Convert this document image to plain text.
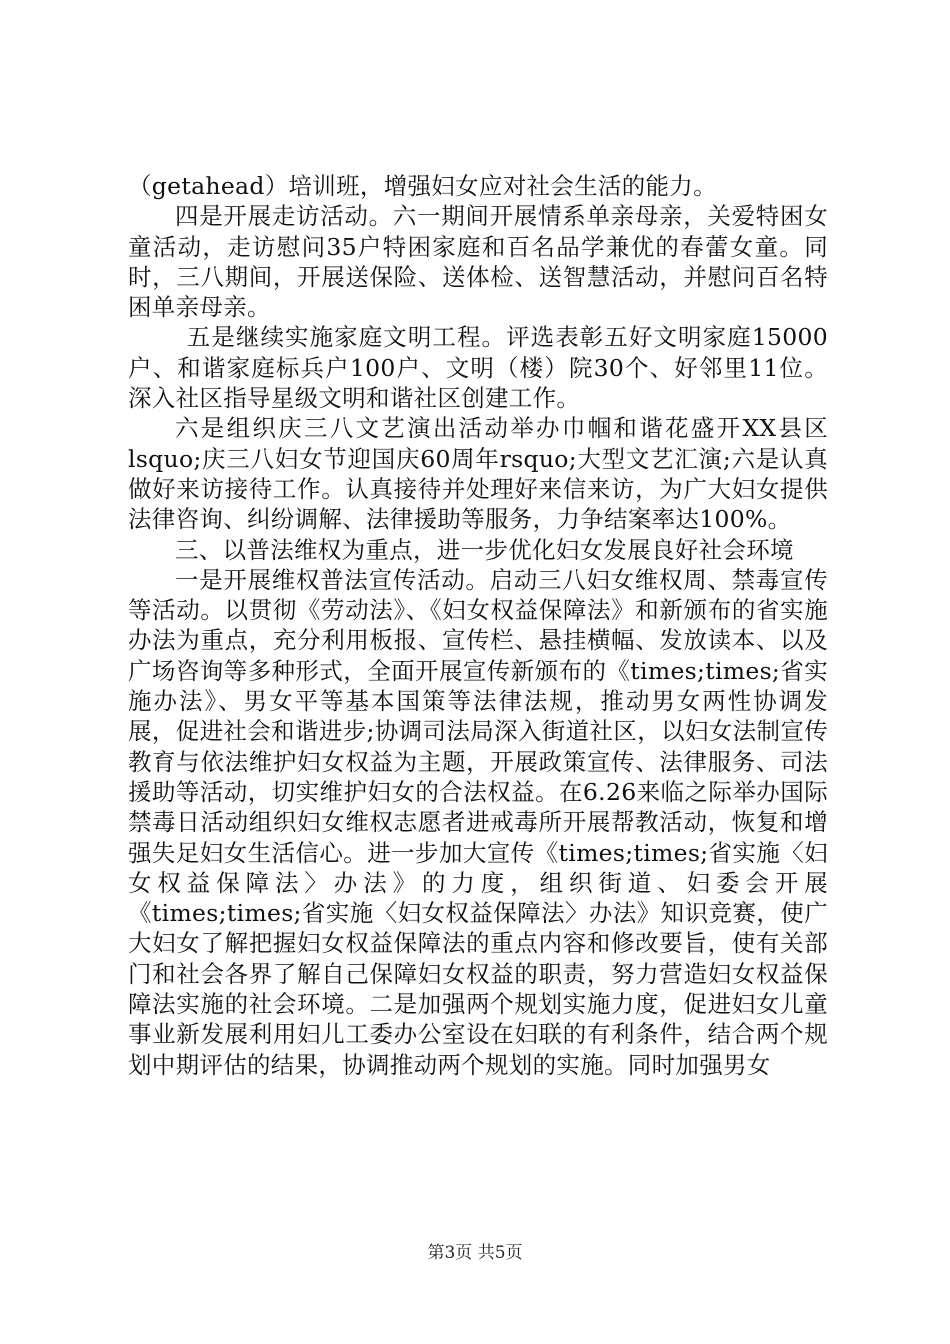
（getahead）培训班，增强妇女应对社会生活的能力。

四是开展走访活动。六一期间开展情系单亲母亲，关爱特困女童活动，走访慰问35户特困家庭和百名品学兼优的春蕾女童。同时，三八期间，开展送保险、送体检、送智慧活动，并慰问百名特困单亲母亲。

五是继续实施家庭文明工程。评选表彰五好文明家庭15000户、和谐家庭标兵户100户、文明（楼）院30个、好邻里11位。深入社区指导星级文明和谐社区创建工作。

六是组织庆三八文艺演出活动举办巾帼和谐花盛开XX县区lsquo;庆三八妇女节迎国庆60周年rsquo;大型文艺汇演;六是认真做好来访接待工作。认真接待并处理好来信来访，为广大妇女提供法律咨询、纠纷调解、法律援助等服务，力争结案率达100%。

三、以普法维权为重点，进一步优化妇女发展良好社会环境

一是开展维权普法宣传活动。启动三八妇女维权周、禁毒宣传等活动。以贯彻《劳动法》、《妇女权益保障法》和新颁布的省实施办法为重点，充分利用板报、宣传栏、悬挂横幅、发放读本、以及广场咨询等多种形式，全面开展宣传新颁布的《times;times;省实施办法》、男女平等基本国策等法律法规，推动男女两性协调发展，促进社会和谐进步;协调司法局深入街道社区，以妇女法制宣传教育与依法维护妇女权益为主题，开展政策宣传、法律服务、司法援助等活动，切实维护妇女的合法权益。在6.26来临之际举办国际禁毒日活动组织妇女维权志愿者进戒毒所开展帮教活动，恢复和增强失足妇女生活信心。进一步加大宣传《times;times;省实施〈妇女权益保障法〉办法》的力度，组织街道、妇委会开展《times;times;省实施〈妇女权益保障法〉办法》知识竞赛，使广大妇女了解把握妇女权益保障法的重点内容和修改要旨，使有关部门和社会各界了解自己保障妇女权益的职责，努力营造妇女权益保障法实施的社会环境。二是加强两个规划实施力度，促进妇女儿童事业新发展利用妇儿工委办公室设在妇联的有利条件，结合两个规划中期评估的结果，协调推动两个规划的实施。同时加强男女

第3页 共5页
